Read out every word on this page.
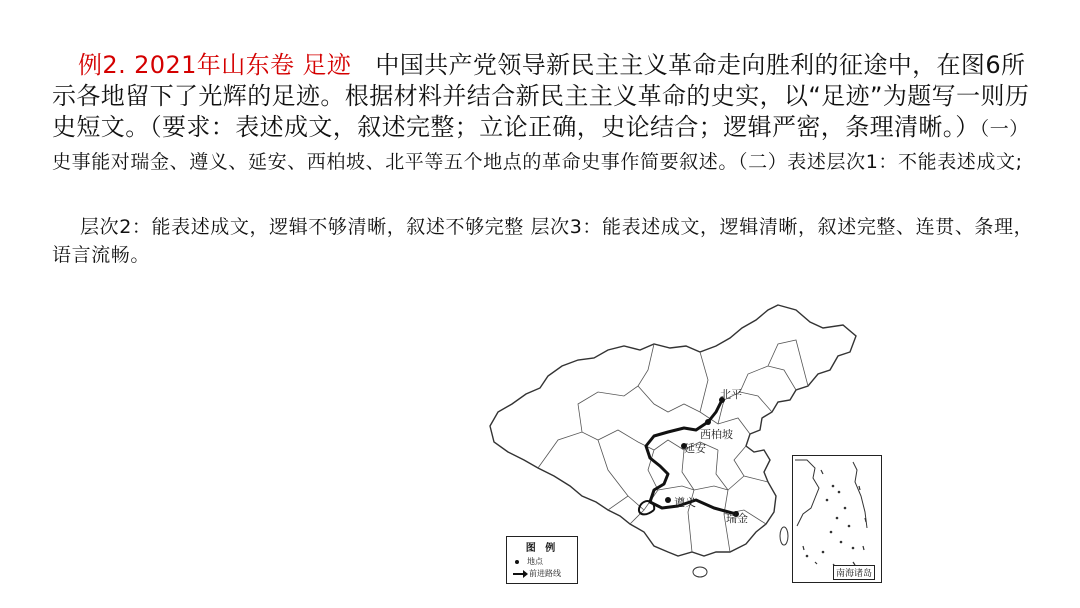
例2. 2021年山东卷 足迹 中国共产党领导新民主主义革命走向胜利的征途中，在图6所示各地留下了光辉的足迹。根据材料并结合新民主主义革命的史实，以“足迹”为题写一则历史短文。（要求：表述成文，叙述完整；立论正确，史论结合；逻辑严密，条理清晰。）（一）史事能对瑞金、遵义、延安、西柏坡、北平等五个地点的革命史事作简要叙述。（二）表述层次1：不能表述成文;
层次2：能表述成文，逻辑不够清晰，叙述不够完整 层次3：能表述成文，逻辑清晰，叙述完整、连贯、条理，语言流畅。
北平
西柏坡
延安
遵义
瑞金
图 例
地点
前进路线	南海诸岛
